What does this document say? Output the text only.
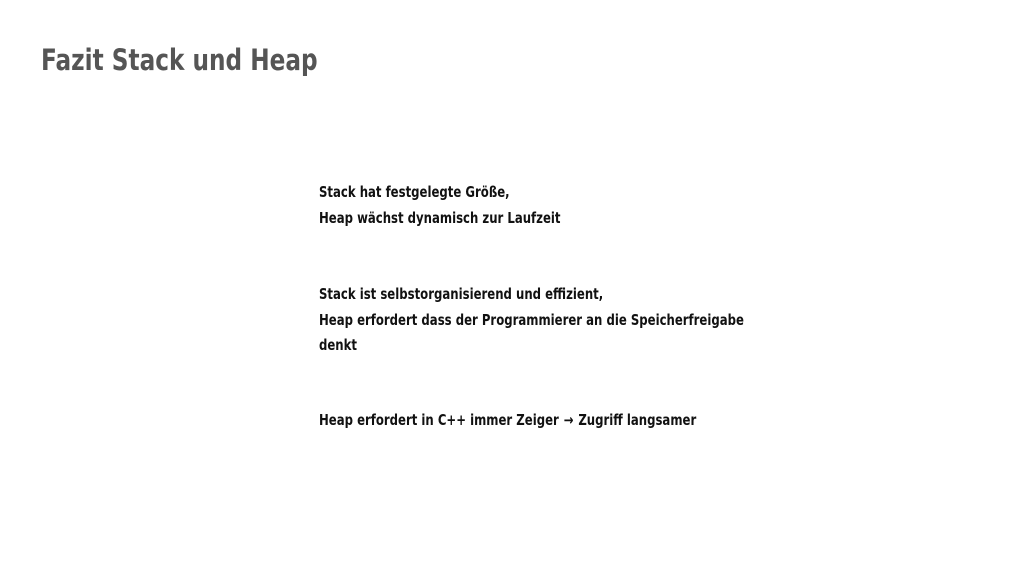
Fazit Stack und Heap

Stack hat festgelegte Größe,
Heap wächst dynamisch zur Laufzeit

Stack ist selbstorganisierend und effizient,
Heap erfordert dass der Programmierer an die Speicherfreigabe
denkt

Heap erfordert in C++ immer Zeiger → Zugriff langsamer
